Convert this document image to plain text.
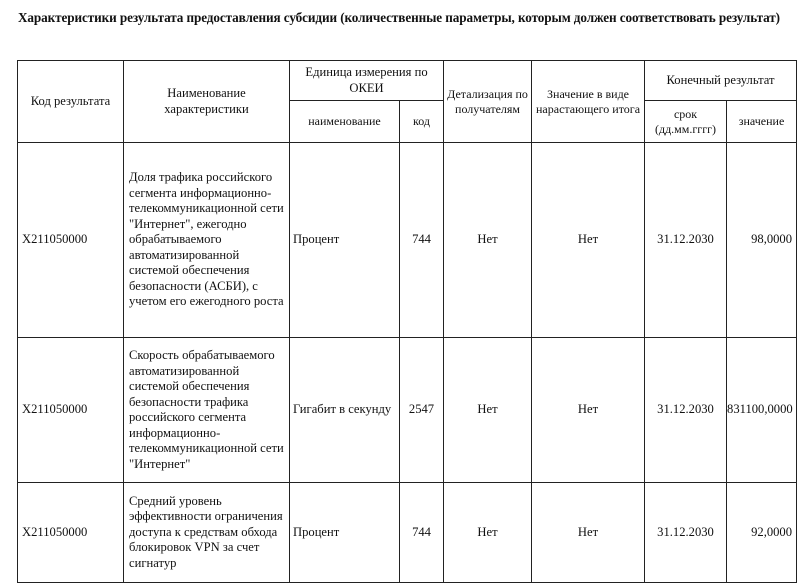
Характеристики результата предоставления субсидии (количественные параметры, которым должен соответствовать результат)
Код результата	Наименование характеристики	Единица измерения по ОКЕИ		Детализация по получателям	Значение в виде нарастающего итога	Конечный результат	
		наименование	код			срок (дд.мм.гггг)	значение
X211050000	Доля трафика российского сегмента информационно-телекоммуникационной сети "Интернет", ежегодно обрабатываемого автоматизированной системой обеспечения безопасности (АСБИ), с учетом его ежегодного роста	Процент	744	Нет	Нет	31.12.2030	98,0000
X211050000	Скорость обрабатываемого автоматизированной системой обеспечения безопасности трафика российского сегмента информационно-телекоммуникационной сети "Интернет"	Гигабит в секунду	2547	Нет	Нет	31.12.2030	831100,0000
X211050000	Средний уровень эффективности ограничения доступа к средствам обхода блокировок VPN за счет сигнатур	Процент	744	Нет	Нет	31.12.2030	92,0000
